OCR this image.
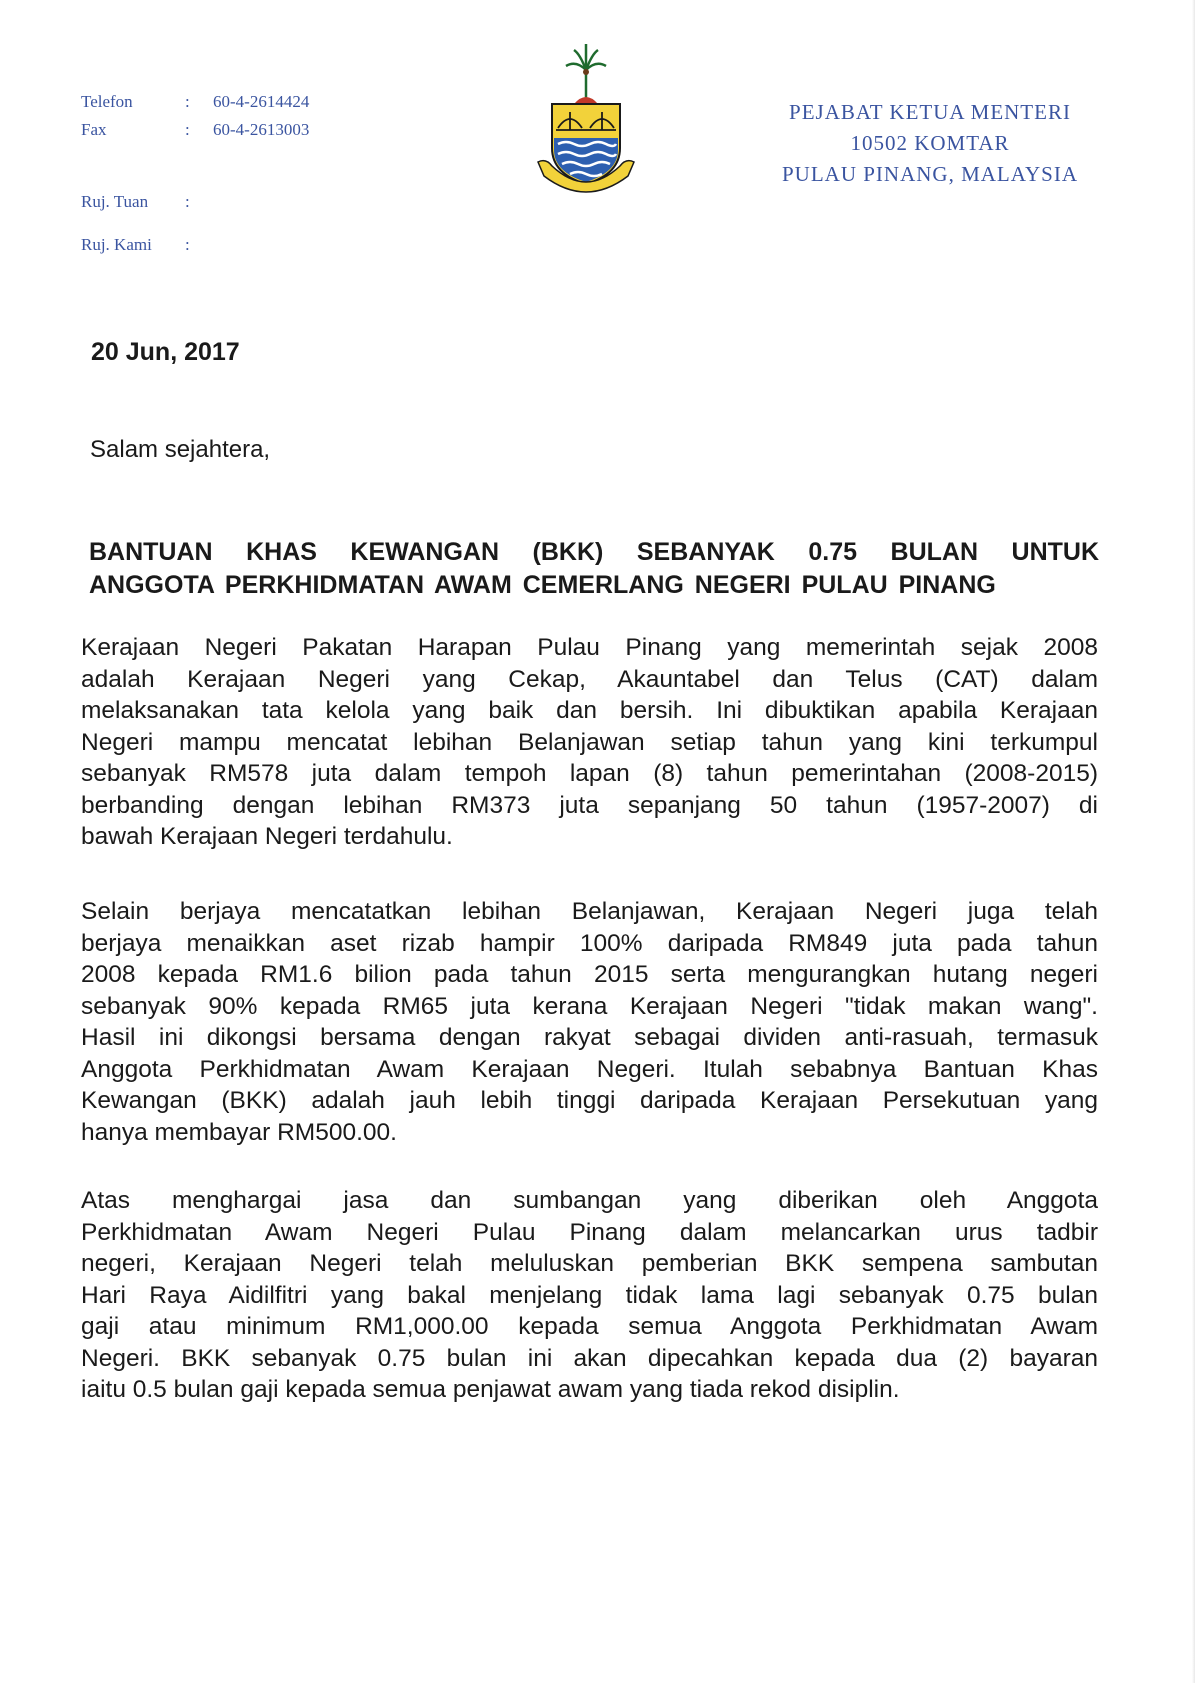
Telefon	:	60-4-2614424
Fax	:	60-4-2613003
Ruj. Tuan	:
Ruj. Kami	:
PEJABAT KETUA MENTERI
10502 KOMTAR
PULAU PINANG, MALAYSIA
20 Jun, 2017
Salam sejahtera,
BANTUAN KHAS KEWANGAN (BKK) SEBANYAK 0.75 BULAN UNTUK
ANGGOTA PERKHIDMATAN AWAM CEMERLANG NEGERI PULAU PINANG
Kerajaan Negeri Pakatan Harapan Pulau Pinang yang memerintah sejak 2008
adalah Kerajaan Negeri yang Cekap, Akauntabel dan Telus (CAT) dalam
melaksanakan tata kelola yang baik dan bersih. Ini dibuktikan apabila Kerajaan
Negeri mampu mencatat lebihan Belanjawan setiap tahun yang kini terkumpul
sebanyak RM578 juta dalam tempoh lapan (8) tahun pemerintahan (2008-2015)
berbanding dengan lebihan RM373 juta sepanjang 50 tahun (1957-2007) di
bawah Kerajaan Negeri terdahulu.
Selain berjaya mencatatkan lebihan Belanjawan, Kerajaan Negeri juga telah
berjaya menaikkan aset rizab hampir 100% daripada RM849 juta pada tahun
2008 kepada RM1.6 bilion pada tahun 2015 serta mengurangkan hutang negeri
sebanyak 90% kepada RM65 juta kerana Kerajaan Negeri "tidak makan wang".
Hasil ini dikongsi bersama dengan rakyat sebagai dividen anti-rasuah, termasuk
Anggota Perkhidmatan Awam Kerajaan Negeri. Itulah sebabnya Bantuan Khas
Kewangan (BKK) adalah jauh lebih tinggi daripada Kerajaan Persekutuan yang
hanya membayar RM500.00.
Atas menghargai jasa dan sumbangan yang diberikan oleh Anggota
Perkhidmatan Awam Negeri Pulau Pinang dalam melancarkan urus tadbir
negeri, Kerajaan Negeri telah meluluskan pemberian BKK sempena sambutan
Hari Raya Aidilfitri yang bakal menjelang tidak lama lagi sebanyak 0.75 bulan
gaji atau minimum RM1,000.00 kepada semua Anggota Perkhidmatan Awam
Negeri. BKK sebanyak 0.75 bulan ini akan dipecahkan kepada dua (2) bayaran
iaitu 0.5 bulan gaji kepada semua penjawat awam yang tiada rekod disiplin.
